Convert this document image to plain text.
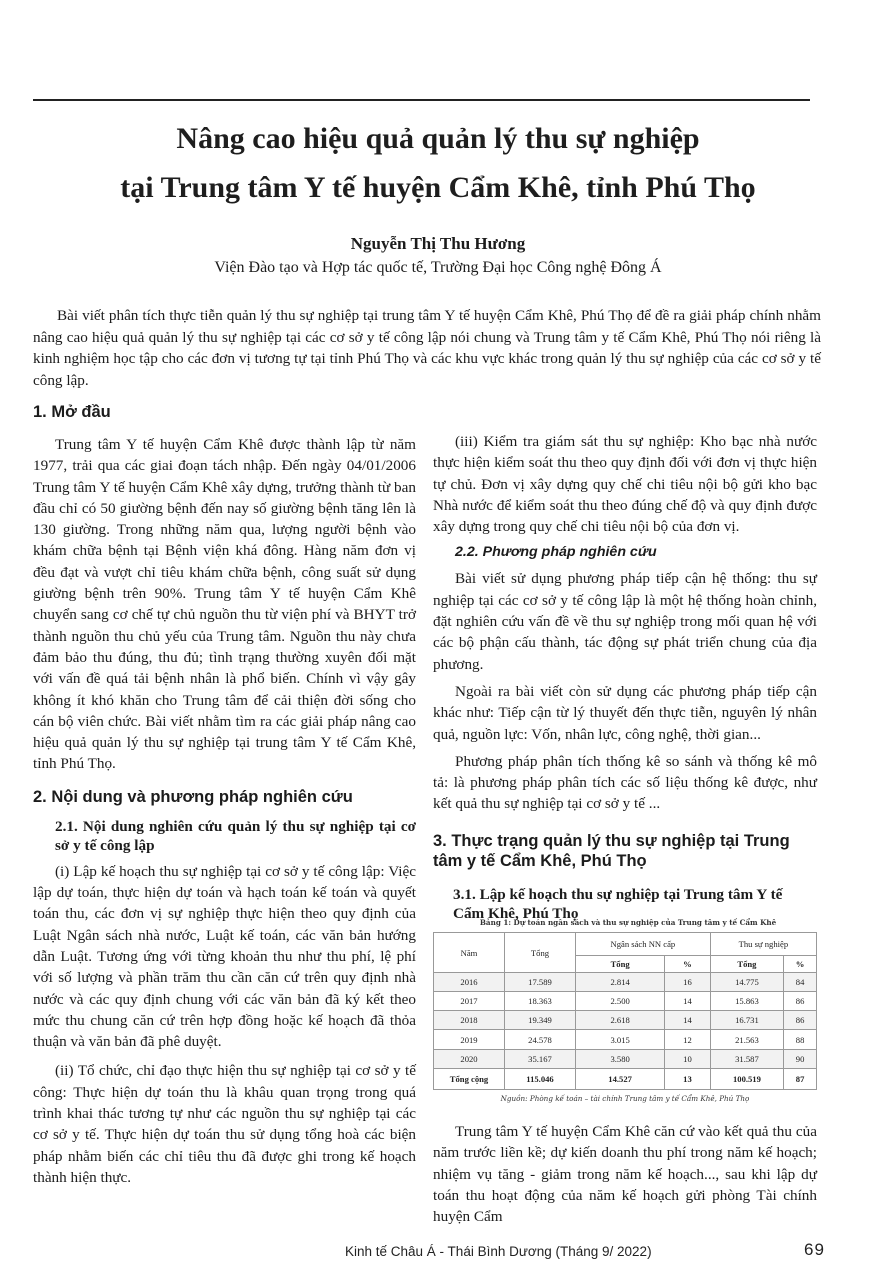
Nâng cao hiệu quả quản lý thu sự nghiệp
tại Trung tâm Y tế huyện Cẩm Khê, tỉnh Phú Thọ
Nguyễn Thị Thu Hương
Viện Đào tạo và Hợp tác quốc tế, Trường Đại học Công nghệ Đông Á
Bài viết phân tích thực tiễn quản lý thu sự nghiệp tại trung tâm Y tế huyện Cẩm Khê, Phú Thọ để đề ra giải pháp chính nhằm nâng cao hiệu quả quản lý thu sự nghiệp tại các cơ sở y tế công lập nói chung và Trung tâm y tế Cẩm Khê, Phú Thọ nói riêng là kinh nghiệm học tập cho các đơn vị tương tự tại tỉnh Phú Thọ và các khu vực khác trong quản lý thu sự nghiệp của các cơ sở y tế công lập.
1. Mở đầu

Trung tâm Y tế huyện Cẩm Khê được thành lập từ năm 1977, trải qua các giai đoạn tách nhập. Đến ngày 04/01/2006 Trung tâm Y tế huyện Cẩm Khê xây dựng, trưởng thành từ ban đầu chỉ có 50 giường bệnh đến nay số giường bệnh tăng lên là 130 giường. Trong những năm qua, lượng người bệnh vào khám chữa bệnh tại Bệnh viện khá đông. Hàng năm đơn vị đều đạt và vượt chỉ tiêu khám chữa bệnh, công suất sử dụng giường bệnh trên 90%. Trung tâm Y tế huyện Cẩm Khê chuyển sang cơ chế tự chủ nguồn thu từ viện phí và BHYT trở thành nguồn thu chủ yếu của Trung tâm. Nguồn thu này chưa đảm bảo thu đúng, thu đủ; tình trạng thường xuyên đối mặt với vấn đề quá tải bệnh nhân là phổ biến. Chính vì vậy gây không ít khó khăn cho Trung tâm để cải thiện đời sống cho cán bộ viên chức. Bài viết nhằm tìm ra các giải pháp nâng cao hiệu quả quản lý thu sự nghiệp tại trung tâm Y tế Cẩm Khê, tỉnh Phú Thọ.

2. Nội dung và phương pháp nghiên cứu
2.1. Nội dung nghiên cứu quản lý thu sự nghiệp tại cơ sở y tế công lập

(i) Lập kế hoạch thu sự nghiệp tại cơ sở y tế công lập: Việc lập dự toán, thực hiện dự toán và hạch toán kế toán và quyết toán thu, các đơn vị sự nghiệp thực hiện theo quy định của Luật Ngân sách nhà nước, Luật kế toán, các văn bản hướng dẫn Luật. Tương ứng với từng khoản thu như thu phí, lệ phí với số lượng và phần trăm thu cần căn cứ trên quy định nhà nước và các quy định chung với các văn bản đã ký kết theo mức thu chung căn cứ trên hợp đồng hoặc kế hoạch đã thỏa thuận và văn bản đã phê duyệt.

(ii) Tổ chức, chỉ đạo thực hiện thu sự nghiệp tại cơ sở y tế công: Thực hiện dự toán thu là khâu quan trọng trong quá trình khai thác tương tự như các nguồn thu sự nghiệp tại các cơ sở y tế. Thực hiện dự toán thu sử dụng tổng hoà các biện pháp nhằm biến các chỉ tiêu thu đã được ghi trong kế hoạch thành hiện thực.

(iii) Kiểm tra giám sát thu sự nghiệp: Kho bạc nhà nước thực hiện kiểm soát thu theo quy định đối với đơn vị thực hiện tự chủ. Đơn vị xây dựng quy chế chi tiêu nội bộ gửi kho bạc Nhà nước để kiểm soát thu theo đúng chế độ và quy định được xây dựng trong quy chế chi tiêu nội bộ của đơn vị.

2.2. Phương pháp nghiên cứu

Bài viết sử dụng phương pháp tiếp cận hệ thống: thu sự nghiệp tại các cơ sở y tế công lập là một hệ thống hoàn chỉnh, đặt nghiên cứu vấn đề về thu sự nghiệp trong mối quan hệ với các bộ phận cấu thành, tác động sự phát triển chung của địa phương.

Ngoài ra bài viết còn sử dụng các phương pháp tiếp cận khác như: Tiếp cận từ lý thuyết đến thực tiễn, nguyên lý nhân quả, nguồn lực: Vốn, nhân lực, công nghệ, thời gian...

Phương pháp phân tích thống kê so sánh và thống kê mô tả: là phương pháp phân tích các số liệu thống kê được, như kết quả thu sự nghiệp tại cơ sở y tế ...

3. Thực trạng quản lý thu sự nghiệp tại Trung tâm y tế Cẩm Khê, Phú Thọ
3.1. Lập kế hoạch thu sự nghiệp tại Trung tâm Y tế Cẩm Khê, Phú Thọ
Bảng 1: Dự toán ngân sách và thu sự nghiệp của Trung tâm y tế Cẩm Khê
Năm	Tổng	Ngân sách NN cấp		Thu sự nghiệp	
		Tổng	%	Tổng	%
2016	17.589	2.814	16	14.775	84
2017	18.363	2.500	14	15.863	86
2018	19.349	2.618	14	16.731	86
2019	24.578	3.015	12	21.563	88
2020	35.167	3.580	10	31.587	90
Tổng cộng	115.046	14.527	13	100.519	87
Nguồn: Phòng kế toán – tài chính Trung tâm y tế Cẩm Khê, Phú Thọ

Trung tâm Y tế huyện Cẩm Khê căn cứ vào kết quả thu của năm trước liền kề; dự kiến doanh thu phí trong năm kế hoạch; nhiệm vụ tăng - giảm trong năm kế hoạch..., sau khi lập dự toán thu hoạt động của năm kế hoạch gửi phòng Tài chính huyện Cẩm

Kinh tế Châu Á - Thái Bình Dương (Tháng 9/ 2022)	69
